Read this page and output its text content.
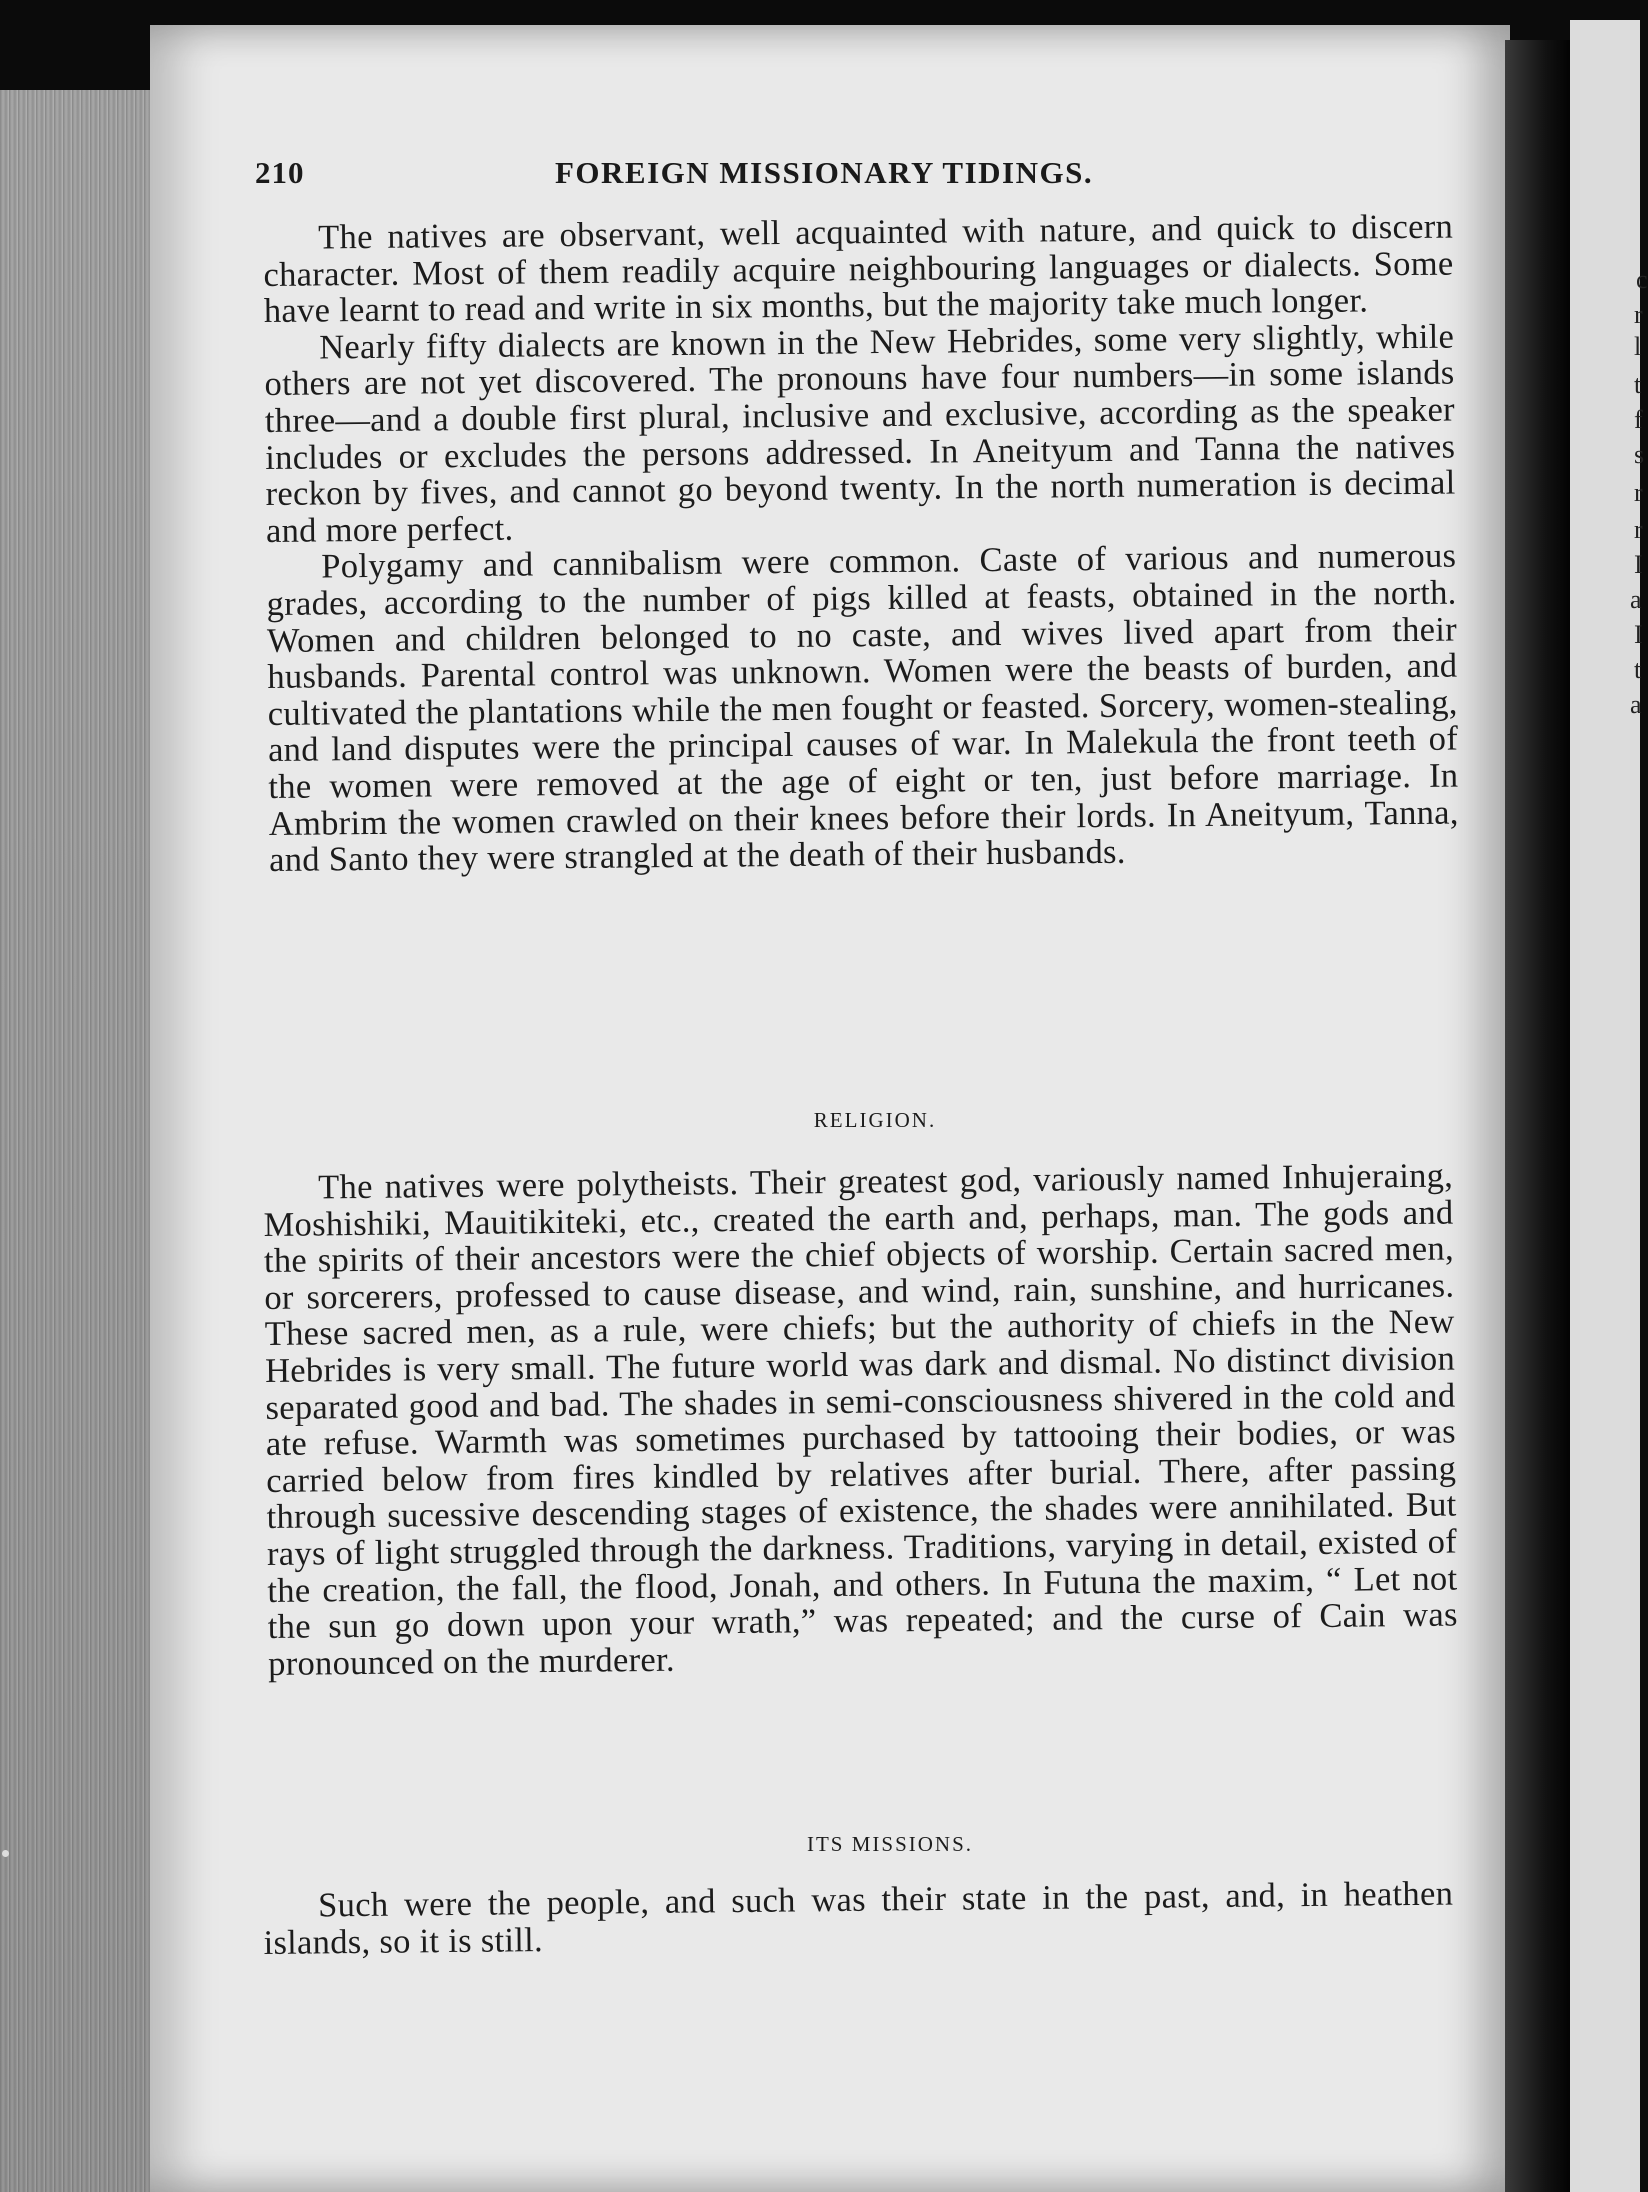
c
r
l
t
f
s
r
r
I
a
I
t
a
210	FOREIGN MISSIONARY TIDINGS.

The natives are observant, well acquainted with nature, and quick to discern character. Most of them readily acquire neighbouring languages or dialects. Some have learnt to read and write in six months, but the majority take much longer.

Nearly fifty dialects are known in the New Hebrides, some very slightly, while others are not yet discovered. The pronouns have four numbers—in some islands three—and a double first plural, inclusive and exclusive, according as the speaker includes or excludes the persons addressed. In Aneityum and Tanna the natives reckon by fives, and cannot go beyond twenty. In the north numeration is decimal and more perfect.

Polygamy and cannibalism were common. Caste of various and numerous grades, according to the number of pigs killed at feasts, obtained in the north. Women and children belonged to no caste, and wives lived apart from their husbands. Parental control was unknown. Women were the beasts of burden, and cultivated the plantations while the men fought or feasted. Sorcery, women-stealing, and land disputes were the principal causes of war. In Malekula the front teeth of the women were removed at the age of eight or ten, just before marriage. In Ambrim the women crawled on their knees before their lords. In Aneityum, Tanna, and Santo they were strangled at the death of their husbands.

RELIGION.

The natives were polytheists. Their greatest god, variously named Inhujeraing, Moshishiki, Mauitikiteki, etc., created the earth and, perhaps, man. The gods and the spirits of their ancestors were the chief objects of worship. Certain sacred men, or sorcerers, professed to cause disease, and wind, rain, sunshine, and hurricanes. These sacred men, as a rule, were chiefs; but the authority of chiefs in the New Hebrides is very small. The future world was dark and dismal. No distinct division separated good and bad. The shades in semi-consciousness shivered in the cold and ate refuse. Warmth was sometimes purchased by tattooing their bodies, or was carried below from fires kindled by relatives after burial. There, after passing through sucessive descending stages of existence, the shades were annihilated. But rays of light struggled through the darkness. Traditions, varying in detail, existed of the creation, the fall, the flood, Jonah, and others. In Futuna the maxim, “ Let not the sun go down upon your wrath,” was repeated; and the curse of Cain was pronounced on the murderer.

ITS MISSIONS.

Such were the people, and such was their state in the past, and, in heathen islands, so it is still.
